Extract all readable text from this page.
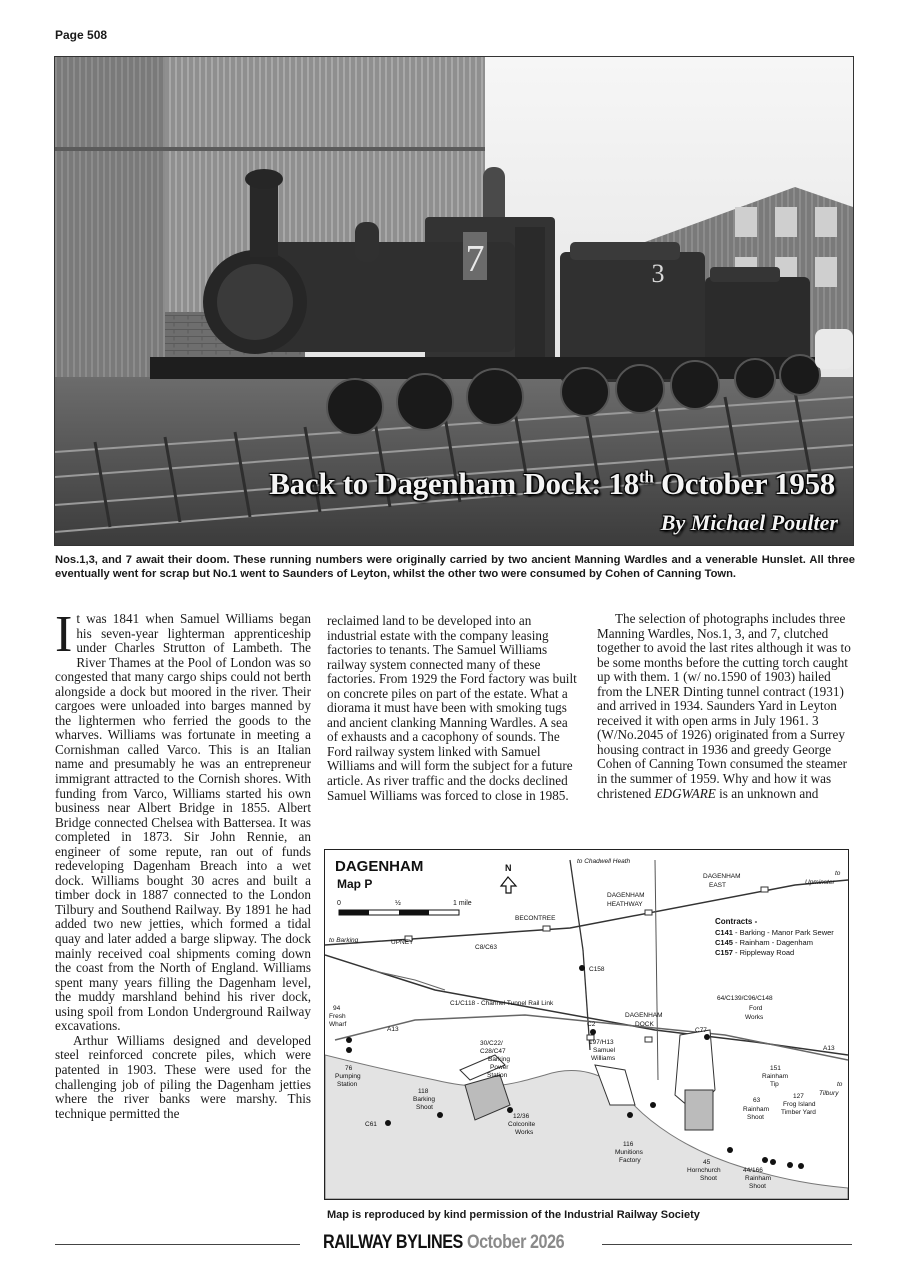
Page 508
7	3
Back to Dagenham Dock: 18th October 1958
By Michael Poulter
Nos.1,3, and 7 await their doom. These running numbers were originally carried by two ancient Manning Wardles and a venerable Hunslet. All three eventually went for scrap but No.1 went to Saunders of Leyton, whilst the other two were consumed by Cohen of Canning Town.

It was 1841 when Samuel Williams began his seven-year lighterman apprenticeship under Charles Strutton of Lambeth. The River Thames at the Pool of London was so congested that many cargo ships could not berth alongside a dock but moored in the river. Their cargoes were unloaded into barges manned by the lightermen who ferried the goods to the wharves. Williams was fortunate in meeting a Cornishman called Varco. This is an Italian name and presumably he was an entrepreneur immigrant attracted to the Cornish shores. With funding from Varco, Williams started his own business near Albert Bridge in 1855. Albert Bridge connected Chelsea with Battersea. It was completed in 1873. Sir John Rennie, an engineer of some repute, ran out of funds redeveloping Dagenham Breach into a wet dock. Williams bought 30 acres and built a timber dock in 1887 connected to the London Tilbury and Southend Railway. By 1891 he had added two new jetties, which formed a tidal quay and later added a barge slipway. The dock mainly received coal shipments coming down the coast from the North of England. Williams spent many years filling the Dagenham level, the muddy marshland behind his river dock, using spoil from London Underground Railway excavations.

Arthur Williams designed and developed steel reinforced concrete piles, which were patented in 1903. These were used for the challenging job of piling the Dagenham jetties where the river banks were marshy. This technique permitted the

reclaimed land to be developed into an industrial estate with the company leasing factories to tenants. The Samuel Williams railway system connected many of these factories. From 1929 the Ford factory was built on concrete piles on part of the estate. What a diorama it must have been with smoking tugs and ancient clanking Manning Wardles. A sea of exhausts and a cacophony of sounds. The Ford railway system linked with Samuel Williams and will form the subject for a future article. As river traffic and the docks declined Samuel Williams was forced to close in 1985.

The selection of photographs includes three Manning Wardles, Nos.1, 3, and 7, clutched together to avoid the last rites although it was to be some months before the cutting torch caught up with them. 1 (w/ no.1590 of 1903) hailed from the LNER Dinting tunnel contract (1931) and arrived in 1934. Saunders Yard in Leyton received it with open arms in July 1961. 3 (W/No.2045 of 1926) originated from a Surrey housing contract in 1936 and greedy George Cohen of Canning Town consumed the steamer in the summer of 1959. Why and how it was christened EDGWARE is an unknown and

DAGENHAM
Map P
N
0	½	1 mile
Contracts -
C141 - Barking - Manor Park Sewer
C145 - Rainham - Dagenham
C157 - Rippleway Road
to Chadwell Heath
DAGENHAM
EAST
to
Upminster
DAGENHAM
HEATHWAY
BECONTREE
to Barking	UPNEY
C8/C63
C158
C1/C118 - Channel Tunnel Rail Link
64/C139/C96/C148
Ford
Works
94
Fresh
Wharf
A13
C2
DAGENHAM
DOCK
C77
A13
30/C22/
C28/C47
Barking
Power
Station
197/H13
Samuel
Williams
76
Pumping
Station
118
Barking
Shoot
12/36
Colconite
Works
C61
151
Rainham
Tip	to
Tilbury
63
Rainham
Shoot
127
Frog Island
Timber Yard
116
Munitions
Factory	45
Hornchurch
Shoot
44/166
Rainham
Shoot
Map is reproduced by kind permission of the Industrial Railway Society
RAILWAY BYLINES October 2026
